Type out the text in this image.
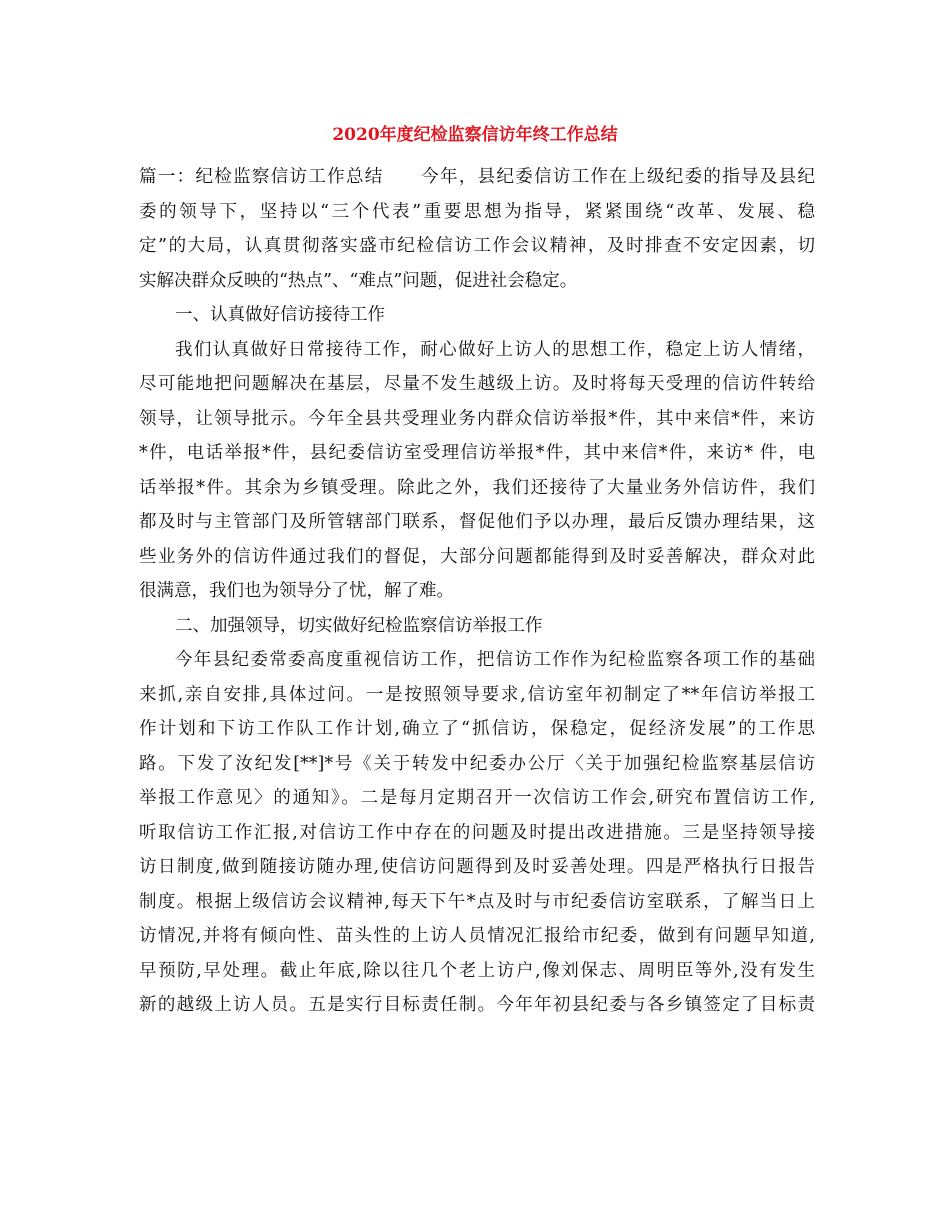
2020年度纪检监察信访年终工作总结
篇一：纪检监察信访工作总结　　今年，县纪委信访工作在上级纪委的指导及县纪
委的领导下，坚持以“三个代表”重要思想为指导，紧紧围绕“改革、发展、稳
定”的大局，认真贯彻落实盛市纪检信访工作会议精神，及时排查不安定因素，切
实解决群众反映的“热点”、“难点”问题，促进社会稳定。
一、认真做好信访接待工作
我们认真做好日常接待工作，耐心做好上访人的思想工作，稳定上访人情绪，
尽可能地把问题解决在基层，尽量不发生越级上访。及时将每天受理的信访件转给
领导，让领导批示。今年全县共受理业务内群众信访举报*件，其中来信*件，来访
*件，电话举报*件，县纪委信访室受理信访举报*件，其中来信*件，来访* 件，电
话举报*件。其余为乡镇受理。除此之外，我们还接待了大量业务外信访件，我们
都及时与主管部门及所管辖部门联系，督促他们予以办理，最后反馈办理结果，这
些业务外的信访件通过我们的督促，大部分问题都能得到及时妥善解决，群众对此
很满意，我们也为领导分了忧，解了难。
二、加强领导，切实做好纪检监察信访举报工作
今年县纪委常委高度重视信访工作，把信访工作作为纪检监察各项工作的基础
来抓,亲自安排,具体过问。一是按照领导要求,信访室年初制定了**年信访举报工
作计划和下访工作队工作计划,确立了“抓信访，保稳定，促经济发展”的工作思
路。下发了汝纪发[**]*号《关于转发中纪委办公厅〈关于加强纪检监察基层信访
举报工作意见〉的通知》。二是每月定期召开一次信访工作会,研究布置信访工作,
听取信访工作汇报,对信访工作中存在的问题及时提出改进措施。三是坚持领导接
访日制度,做到随接访随办理,使信访问题得到及时妥善处理。四是严格执行日报告
制度。根据上级信访会议精神,每天下午*点及时与市纪委信访室联系，了解当日上
访情况,并将有倾向性、苗头性的上访人员情况汇报给市纪委，做到有问题早知道,
早预防,早处理。截止年底,除以往几个老上访户,像刘保志、周明臣等外,没有发生
新的越级上访人员。五是实行目标责任制。今年年初县纪委与各乡镇签定了目标责
